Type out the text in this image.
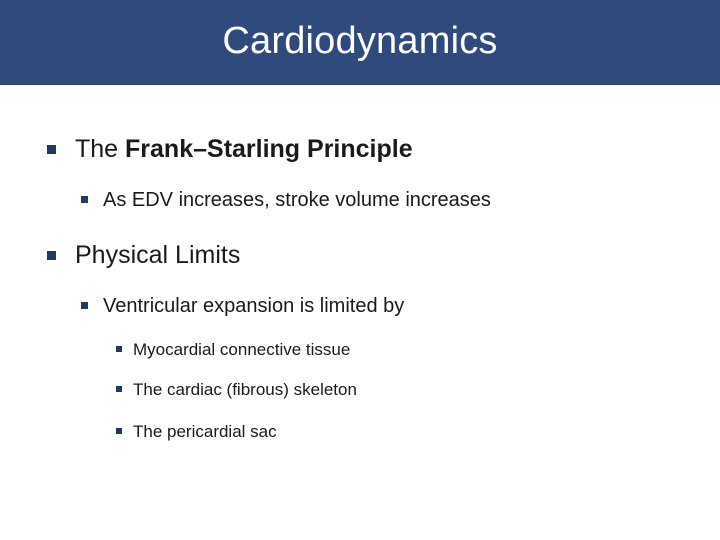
Cardiodynamics
The Frank–Starling Principle
As EDV increases, stroke volume increases
Physical Limits
Ventricular expansion is limited by
Myocardial connective tissue
The cardiac (fibrous) skeleton
The pericardial sac
